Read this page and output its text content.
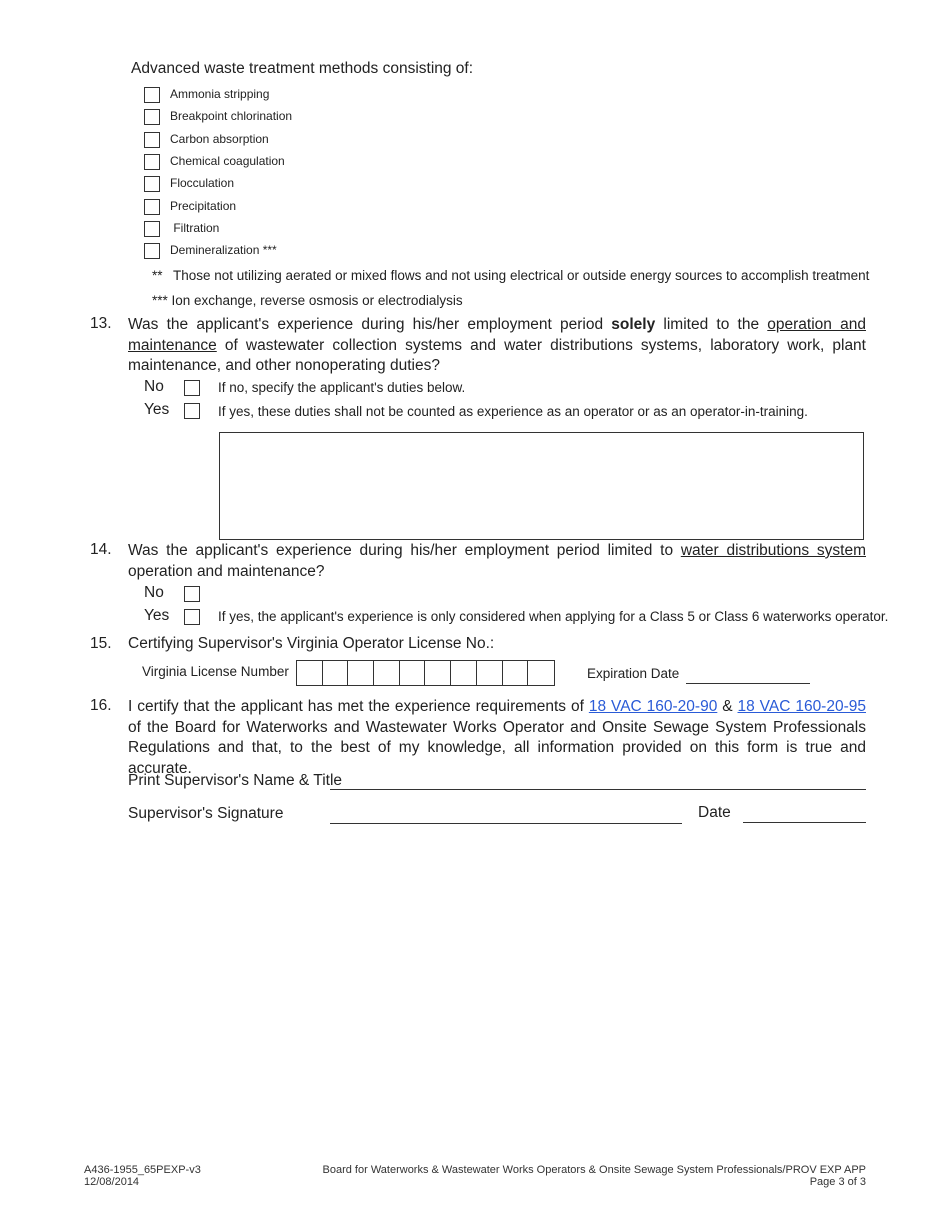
Advanced waste treatment methods consisting of:
Ammonia stripping
Breakpoint chlorination
Carbon absorption
Chemical coagulation
Flocculation
Precipitation
Filtration
Demineralization ***
** Those not utilizing aerated or mixed flows and not using electrical or outside energy sources to accomplish treatment
*** Ion exchange, reverse osmosis or electrodialysis
13. Was the applicant's experience during his/her employment period solely limited to the operation and maintenance of wastewater collection systems and water distributions systems, laboratory work, plant maintenance, and other nonoperating duties?
No	If no, specify the applicant's duties below.
Yes	If yes, these duties shall not be counted as experience as an operator or as an operator-in-training.
14. Was the applicant's experience during his/her employment period limited to water distributions system operation and maintenance?
No
Yes	If yes, the applicant's experience is only considered when applying for a Class 5 or Class 6 waterworks operator.
15. Certifying Supervisor's Virginia Operator License No.:
Virginia License Number	Expiration Date
16. I certify that the applicant has met the experience requirements of 18 VAC 160-20-90 & 18 VAC 160-20-95 of the Board for Waterworks and Wastewater Works Operator and Onsite Sewage System Professionals Regulations and that, to the best of my knowledge, all information provided on this form is true and accurate.
Print Supervisor's Name & Title
Supervisor's Signature	Date
A436-1955_65PEXP-v3
12/08/2014
Board for Waterworks & Wastewater Works Operators & Onsite Sewage System Professionals/PROV EXP APP
Page 3 of 3
